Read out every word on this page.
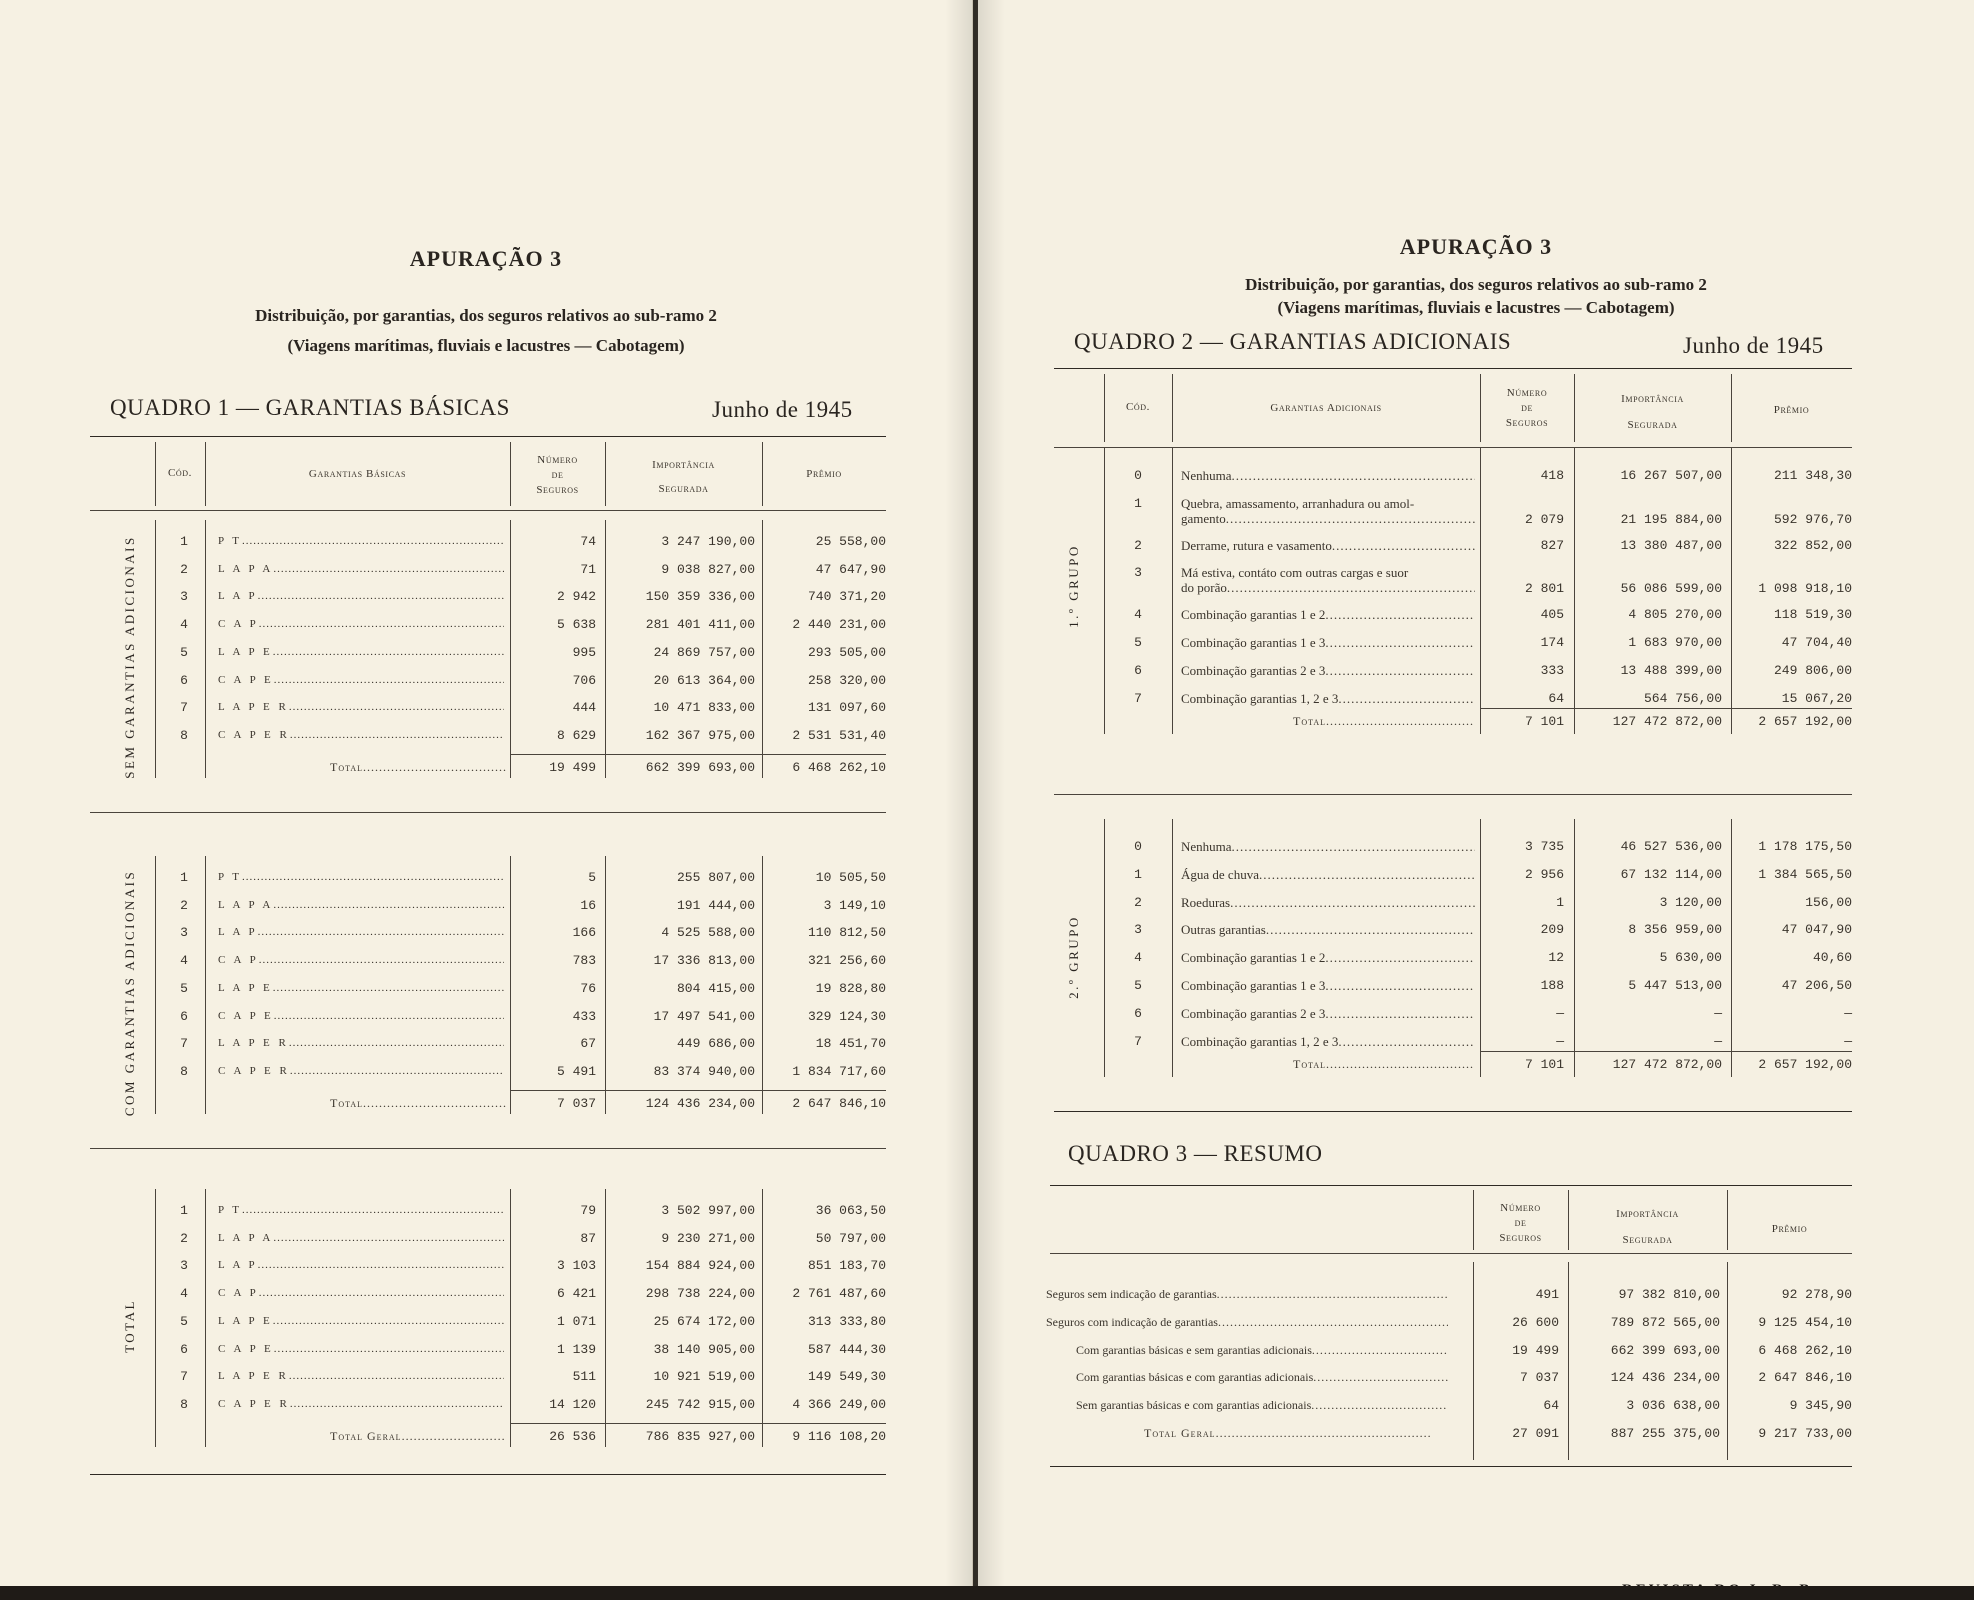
APURAÇÃO 3
Distribuição, por garantias, dos seguros relativos ao sub-ramo 2
(Viagens marítimas, fluviais e lacustres — Cabotagem)
QUADRO 1 — GARANTIAS BÁSICAS	Junho de 1945
Cód.	Garantias Básicas
Número
de
Seguros
Importância
Segurada
Prêmio
SEM GARANTIAS ADICIONAIS	1	P T .....	74	3 247 190,00	25 558,00
2	L A P A .....	71	9 038 827,00	47 647,90
3	L A P .....	2 942	150 359 336,00	740 371,20
4	C A P .....	5 638	281 401 411,00	2 440 231,00
5	L A P E .....	995	24 869 757,00	293 505,00
6	C A P E .....	706	20 613 364,00	258 320,00
7	L A P E R .....	444	10 471 833,00	131 097,60
8	C A P E R .....	8 629	162 367 975,00	2 531 531,40
Total .....	19 499	662 399 693,00	6 468 262,10
COM GARANTIAS ADICIONAIS	1	P T .....	5	255 807,00	10 505,50
2	L A P A .....	16	191 444,00	3 149,10
3	L A P .....	166	4 525 588,00	110 812,50
4	C A P .....	783	17 336 813,00	321 256,60
5	L A P E .....	76	804 415,00	19 828,80
6	C A P E .....	433	17 497 541,00	329 124,30
7	L A P E R .....	67	449 686,00	18 451,70
8	C A P E R .....	5 491	83 374 940,00	1 834 717,60
Total .....	7 037	124 436 234,00	2 647 846,10
TOTAL
1	P T .....	79	3 502 997,00	36 063,50
2	L A P A .....	87	9 230 271,00	50 797,00
3	L A P .....	3 103	154 884 924,00	851 183,70
4	C A P .....	6 421	298 738 224,00	2 761 487,60
5	L A P E .....	1 071	25 674 172,00	313 333,80
6	C A P E .....	1 139	38 140 905,00	587 444,30
7	L A P E R .....	511	10 921 519,00	149 549,30
8	C A P E R .....	14 120	245 742 915,00	4 366 249,00
Total Geral .....	26 536	786 835 927,00	9 116 108,20
APURAÇÃO 3
Distribuição, por garantias, dos seguros relativos ao sub-ramo 2
(Viagens marítimas, fluviais e lacustres — Cabotagem)
QUADRO 2 — GARANTIAS ADICIONAIS	Junho de 1945
Cód.	Garantias Adicionais
Número
de
Seguros
Importância
Segurada
Prêmio
0	Nenhuma .....	418	16 267 507,00	211 348,30
1	Quebra, amassamento, arranhadura ou amol-
gamento .....	2 079	21 195 884,00	592 976,70
2	Derrame, rutura e vasamento .....	827	13 380 487,00	322 852,00
3	Má estiva, contáto com outras cargas e suor
do porão .....	2 801	56 086 599,00	1 098 918,10
4	Combinação garantias 1 e 2 .....	405	4 805 270,00	118 519,30
5	Combinação garantias 1 e 3 .....	174	1 683 970,00	47 704,40
6	Combinação garantias 2 e 3 .....	333	13 488 399,00	249 806,00
7	Combinação garantias 1, 2 e 3 .....	64	564 756,00	15 067,20
Total .....	7 101	127 472 872,00	2 657 192,00
1.º GRUPO
0	Nenhuma .....	3 735	46 527 536,00	1 178 175,50
1	Água de chuva .....	2 956	67 132 114,00	1 384 565,50
2	Roeduras .....	1	3 120,00	156,00
3	Outras garantias .....	209	8 356 959,00	47 047,90
4	Combinação garantias 1 e 2 .....	12	5 630,00	40,60
5	Combinação garantias 1 e 3 .....	188	5 447 513,00	47 206,50
6	Combinação garantias 2 e 3 .....	—	—	—
7	Combinação garantias 1, 2 e 3 .....	—	—	—
Total .....	7 101	127 472 872,00	2 657 192,00
2.º GRUPO
QUADRO 3 — RESUMO
Número
de
Seguros
Importância
Segurada
Prêmio
Seguros sem indicação de garantias .....	491	97 382 810,00	92 278,90
Seguros com indicação de garantias .....	26 600	789 872 565,00	9 125 454,10
Com garantias básicas e sem garantias adicionais .....	19 499	662 399 693,00	6 468 262,10
Com garantias básicas e com garantias adicionais .....	7 037	124 436 234,00	2 647 846,10
Sem garantias básicas e com garantias adicionais .....	64	3 036 638,00	9 345,90
Total Geral .....	27 091	887 255 375,00	9 217 733,00
